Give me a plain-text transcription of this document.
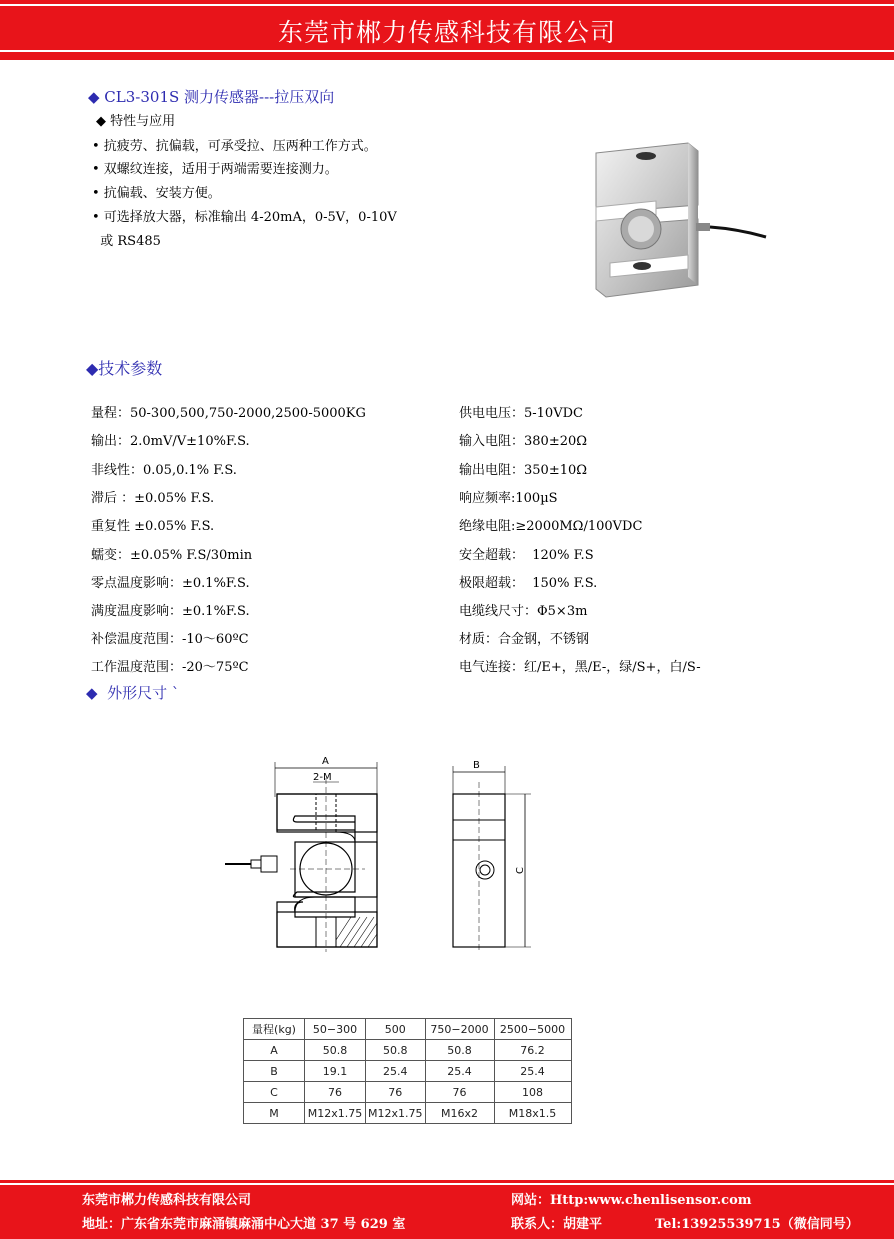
东莞市郴力传感科技有限公司
◆ CL3-301S 测力传感器---拉压双向
◆ 特性与应用
• 抗疲劳、抗偏载，可承受拉、压两种工作方式。
• 双螺纹连接，适用于两端需要连接测力。
• 抗偏载、安装方便。
• 可选择放大器，标准输出 4-20mA，0-5V，0-10V
或 RS485
◆技术参数
量程：50-300,500,750-2000,2500-5000KG
输出：2.0mV/V±10%F.S.
非线性：0.05,0.1% F.S.
滞后 ：±0.05% F.S.
重复性 ±0.05% F.S.
蠕变：±0.05% F.S/30min
零点温度影响：±0.1%F.S.
满度温度影响：±0.1%F.S.
补偿温度范围：-10～60ºC
工作温度范围：-20～75ºC
供电电压：5-10VDC
输入电阻：380±20Ω
输出电阻：350±10Ω
响应频率:100µS
绝缘电阻:≥2000MΩ/100VDC
安全超载：  120% F.S
极限超载：  150% F.S.
电缆线尺寸：Φ5×3m
材质：合金钢，不锈钢
电气连接：红/E+，黑/E-，绿/S+，白/S-
◆  外形尺寸 `
A
2-M
B
C
量程(kg)	50−300	500	750−2000	2500−5000
A	50.8	50.8	50.8	76.2
B	19.1	25.4	25.4	25.4
C	76	76	76	108
M	M12x1.75	M12x1.75	M16x2	M18x1.5
东莞市郴力传感科技有限公司
地址：广东省东莞市麻涌镇麻涌中心大道 37 号 629 室
网站：Http:www.chenlisensor.com
联系人：胡建平	Tel:13925539715（微信同号）
